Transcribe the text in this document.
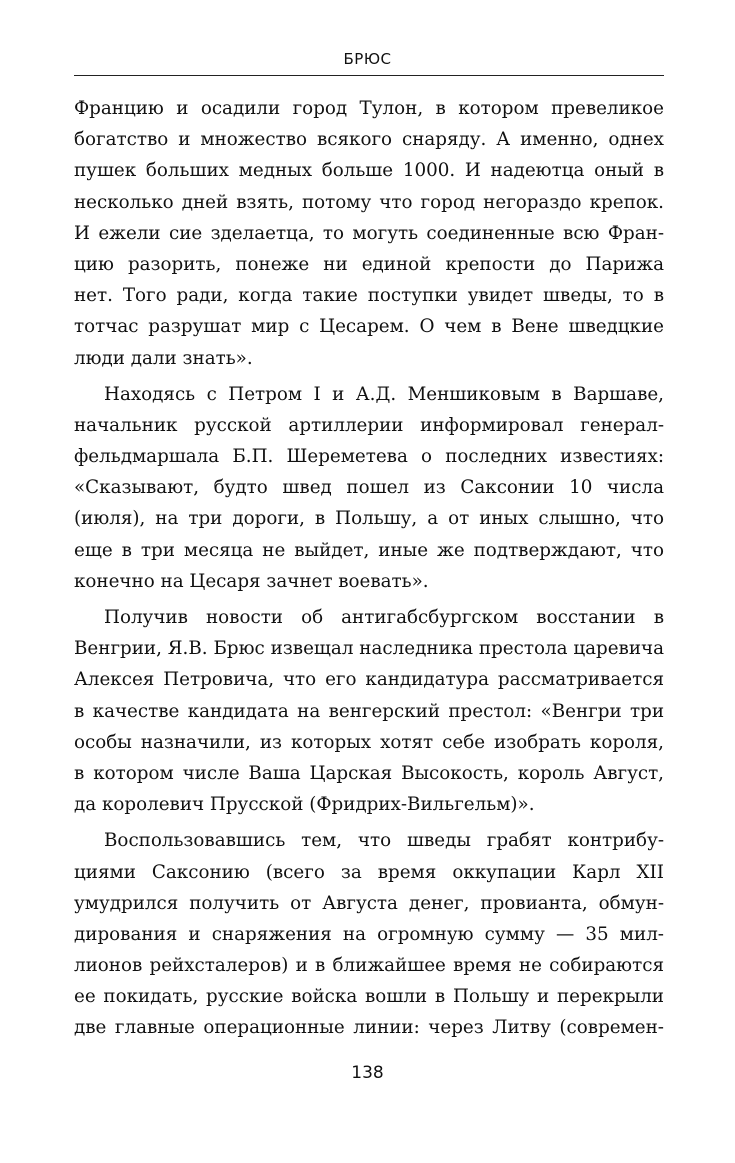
БРЮС

Францию и осадили город Тулон, в котором превеликое
богатство и множество всякого снаряду. А именно, однех
пушек больших медных больше 1000. И надеютца оный в
несколько дней взять, потому что город негораздо крепок.
И ежели сие зделаетца, то могуть соединенные всю Фран-
цию разорить, понеже ни единой крепости до Парижа
нет. Того ради, когда такие поступки увидет шведы, то в
тотчас разрушат мир с Цесарем. О чем в Вене шведцкие
люди дали знать».

Находясь с Петром I и А.Д. Меншиковым в Варшаве,
начальник русской артиллерии информировал генерал-
фельдмаршала Б.П. Шереметева о последних известиях:
«Сказывают, будто швед пошел из Саксонии 10 числа
(июля), на три дороги, в Польшу, а от иных слышно, что
еще в три месяца не выйдет, иные же подтверждают, что
конечно на Цесаря зачнет воевать».

Получив новости об антигабсбургском восстании в
Венгрии, Я.В. Брюс извещал наследника престола царевича
Алексея Петровича, что его кандидатура рассматривается
в качестве кандидата на венгерский престол: «Венгри три
особы назначили, из которых хотят себе изобрать короля,
в котором числе Ваша Царская Высокость, король Август,
да королевич Прусской (Фридрих-Вильгельм)».

Воспользовавшись тем, что шведы грабят контрибу-
циями Саксонию (всего за время оккупации Карл XII
умудрился получить от Августа денег, провианта, обмун-
дирования и снаряжения на огромную сумму — 35 мил-
лионов рейхсталеров) и в ближайшее время не собираются
ее покидать, русские войска вошли в Польшу и перекрыли
две главные операционные линии: через Литву (современ-

138
